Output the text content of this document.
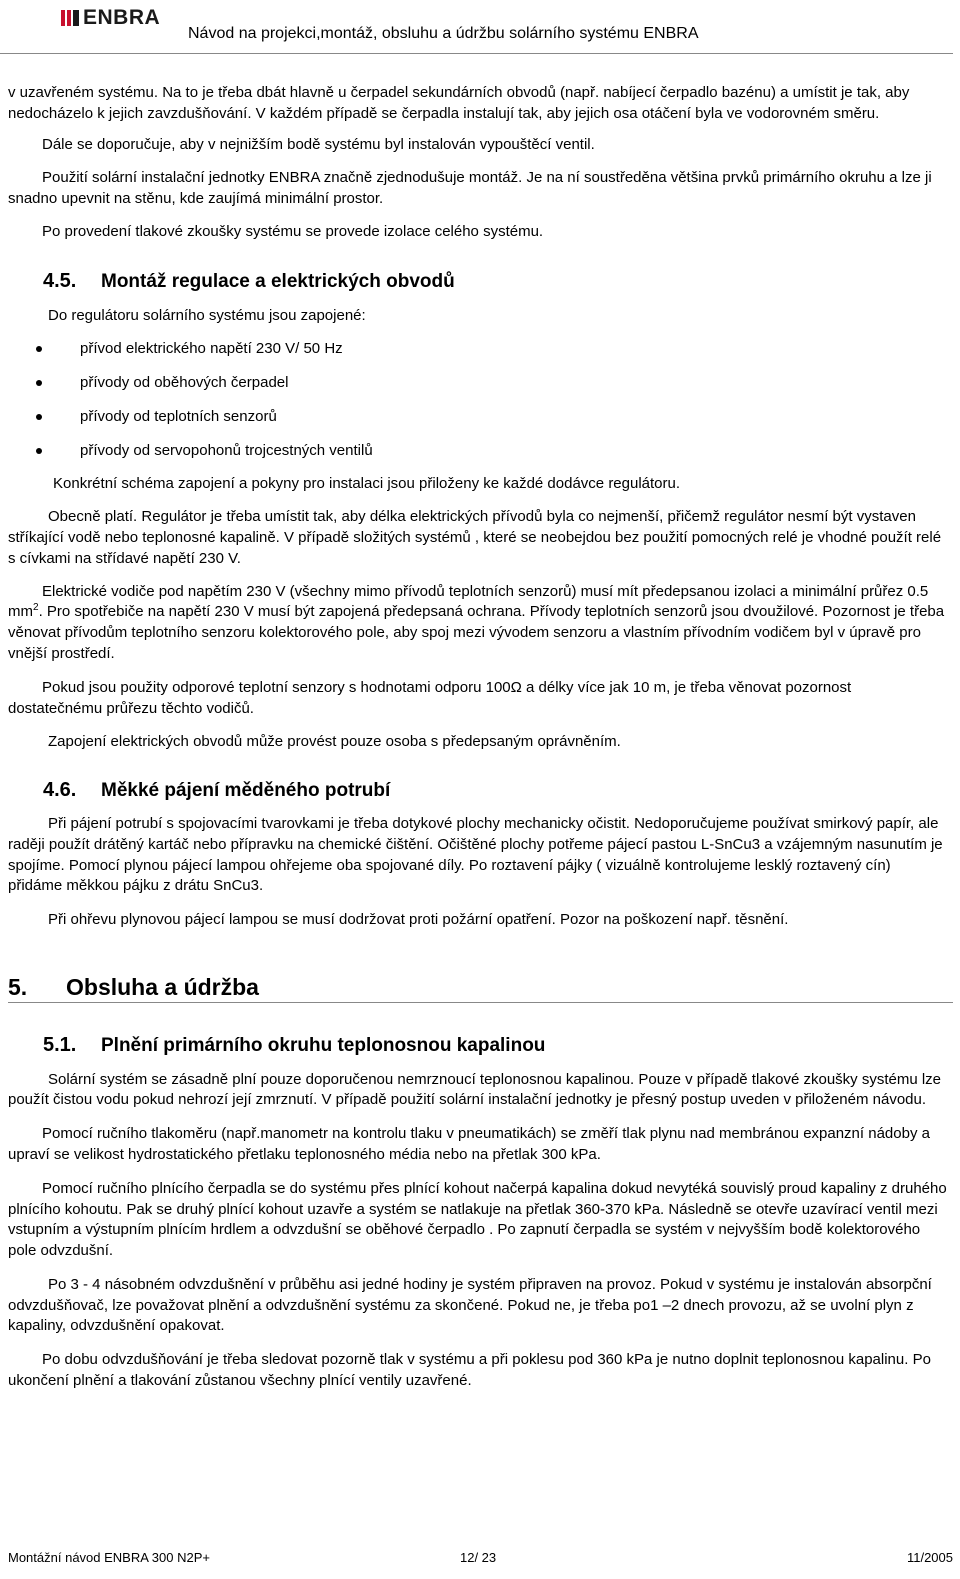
ENBRA
Návod na projekci,montáž, obsluhu a údržbu solárního systému ENBRA

v uzavřeném systému. Na to je třeba dbát hlavně u čerpadel sekundárních obvodů (např. nabíjecí čerpadlo bazénu) a umístit je tak, aby nedocházelo k jejich zavzdušňování. V každém případě se čerpadla instalují tak, aby jejich osa otáčení byla ve vodorovném směru.

Dále se doporučuje, aby v nejnižším bodě systému byl instalován vypouštěcí ventil.

Použití solární instalační jednotky ENBRA značně zjednodušuje montáž. Je na ní soustředěna většina prvků primárního okruhu a lze ji snadno upevnit na stěnu, kde zaujímá minimální prostor.

Po provedení tlakové zkoušky systému se provede izolace celého systému.

4.5.	Montáž regulace a elektrických obvodů

Do regulátoru solárního systému jsou zapojené:

přívod elektrického napětí 230 V/ 50 Hz
přívody od oběhových čerpadel
přívody od teplotních senzorů
přívody od servopohonů trojcestných ventilů

Konkrétní schéma zapojení a pokyny pro instalaci jsou přiloženy ke každé dodávce regulátoru.

Obecně platí. Regulátor je třeba umístit tak, aby délka elektrických přívodů byla co nejmenší, přičemž regulátor nesmí být vystaven stříkající vodě nebo teplonosné kapalině. V případě složitých systémů , které se neobejdou bez použití pomocných relé je vhodné použít relé s cívkami na střídavé napětí 230 V.

Elektrické vodiče pod napětím 230 V (všechny mimo přívodů teplotních senzorů) musí mít předepsanou izolaci a minimální průřez 0.5 $mm^2$. Pro spotřebiče na napětí 230 V musí být zapojená předepsaná ochrana. Přívody teplotních senzorů jsou dvoužilové. Pozornost je třeba věnovat přívodům teplotního senzoru kolektorového pole, aby spoj mezi vývodem senzoru a vlastním přívodním vodičem byl v úpravě pro vnější prostředí.

Pokud jsou použity odporové teplotní senzory s hodnotami odporu 100Ω a délky více jak 10 m, je třeba věnovat pozornost dostatečnému průřezu těchto vodičů.

Zapojení elektrických obvodů může provést pouze osoba s předepsaným oprávněním.

4.6.	Měkké pájení měděného potrubí

Při pájení potrubí s spojovacími tvarovkami je třeba dotykové plochy mechanicky očistit. Nedoporučujeme používat smirkový papír, ale raději použít drátěný kartáč nebo přípravku na chemické čištění. Očištěné plochy potřeme pájecí pastou L-SnCu3 a vzájemným nasunutím je spojíme. Pomocí plynou pájecí lampou ohřejeme oba spojované díly. Po roztavení pájky ( vizuálně kontrolujeme lesklý roztavený cín) přidáme měkkou pájku z drátu SnCu3.

Při ohřevu plynovou pájecí lampou se musí dodržovat proti požární opatření. Pozor na poškození např. těsnění.

5.	Obsluha a údržba
5.1.	Plnění primárního okruhu teplonosnou kapalinou

Solární systém se zásadně plní pouze doporučenou nemrznoucí teplonosnou kapalinou. Pouze v případě tlakové zkoušky systému lze použít čistou vodu pokud nehrozí její zmrznutí. V případě použití solární instalační jednotky je přesný postup uveden v přiloženém návodu.

Pomocí ručního tlakoměru (např.manometr na kontrolu tlaku v pneumatikách) se změří tlak plynu nad membránou expanzní nádoby a upraví se velikost hydrostatického přetlaku teplonosného média nebo na přetlak 300 kPa.

Pomocí ručního plnícího čerpadla se do systému přes plnící kohout načerpá kapalina dokud nevytéká souvislý proud kapaliny z druhého plnícího kohoutu. Pak se druhý plnící kohout uzavře a systém se natlakuje na přetlak 360-370 kPa. Následně se otevře uzavírací ventil mezi vstupním a výstupním plnícím hrdlem a odvzdušní se oběhové čerpadlo . Po zapnutí čerpadla se systém v nejvyšším bodě kolektorového pole odvzdušní.

Po 3 - 4 násobném odvzdušnění v průběhu asi jedné hodiny je systém připraven na provoz. Pokud v systému je instalován absorpční odvzdušňovač, lze považovat plnění a odvzdušnění systému za skončené. Pokud ne, je třeba po1 –2 dnech provozu, až se uvolní plyn z kapaliny, odvzdušnění opakovat.

Po dobu odvzdušňování je třeba sledovat pozorně tlak v systému a při poklesu pod 360 kPa je nutno doplnit teplonosnou kapalinu. Po ukončení plnění a tlakování zůstanou všechny plnící ventily uzavřené.

Montážní návod ENBRA 300 N2P+	12/ 23	11/2005
